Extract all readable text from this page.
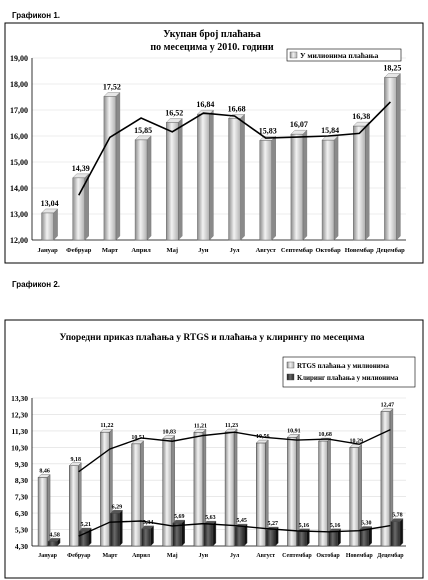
Графикон 1.
Графикон 2.
Укупан број плаћања
по месецима у 2010. години
12,00
13,00
14,00
15,00
16,00
17,00
18,00
19,00
13,04
Јануар
14,39
Фебруар
17,52
Март
15,85
Април
16,52
Мај
16,84
Јун
16,68
Јул
15,83
Август
16,07
Септембар
15,84
Октобар
16,38
Новембар
18,25
Децембар
У милионима плаћања
Упоредни приказ плаћања у RTGS и плаћања у клирингу по месецима
4,30
5,30
6,30
7,30
8,30
9,30
10,30
11,30
12,30
13,30
8,46
9,18
11,22
10,51
10,83
11,21	11,23
10,56
10,91
10,68
10,29
12,47
4,58
5,21
6,29
5,34
5,69	5,63	5,45	5,27	5,16	5,16	5,30
5,78
Јануар Фебруар Март Април	Мај	Јун	Јул	Август Септембар Октобар Новембар Децембар
RTGS плаћања у милионима
Клиринг плаћања у милионима
